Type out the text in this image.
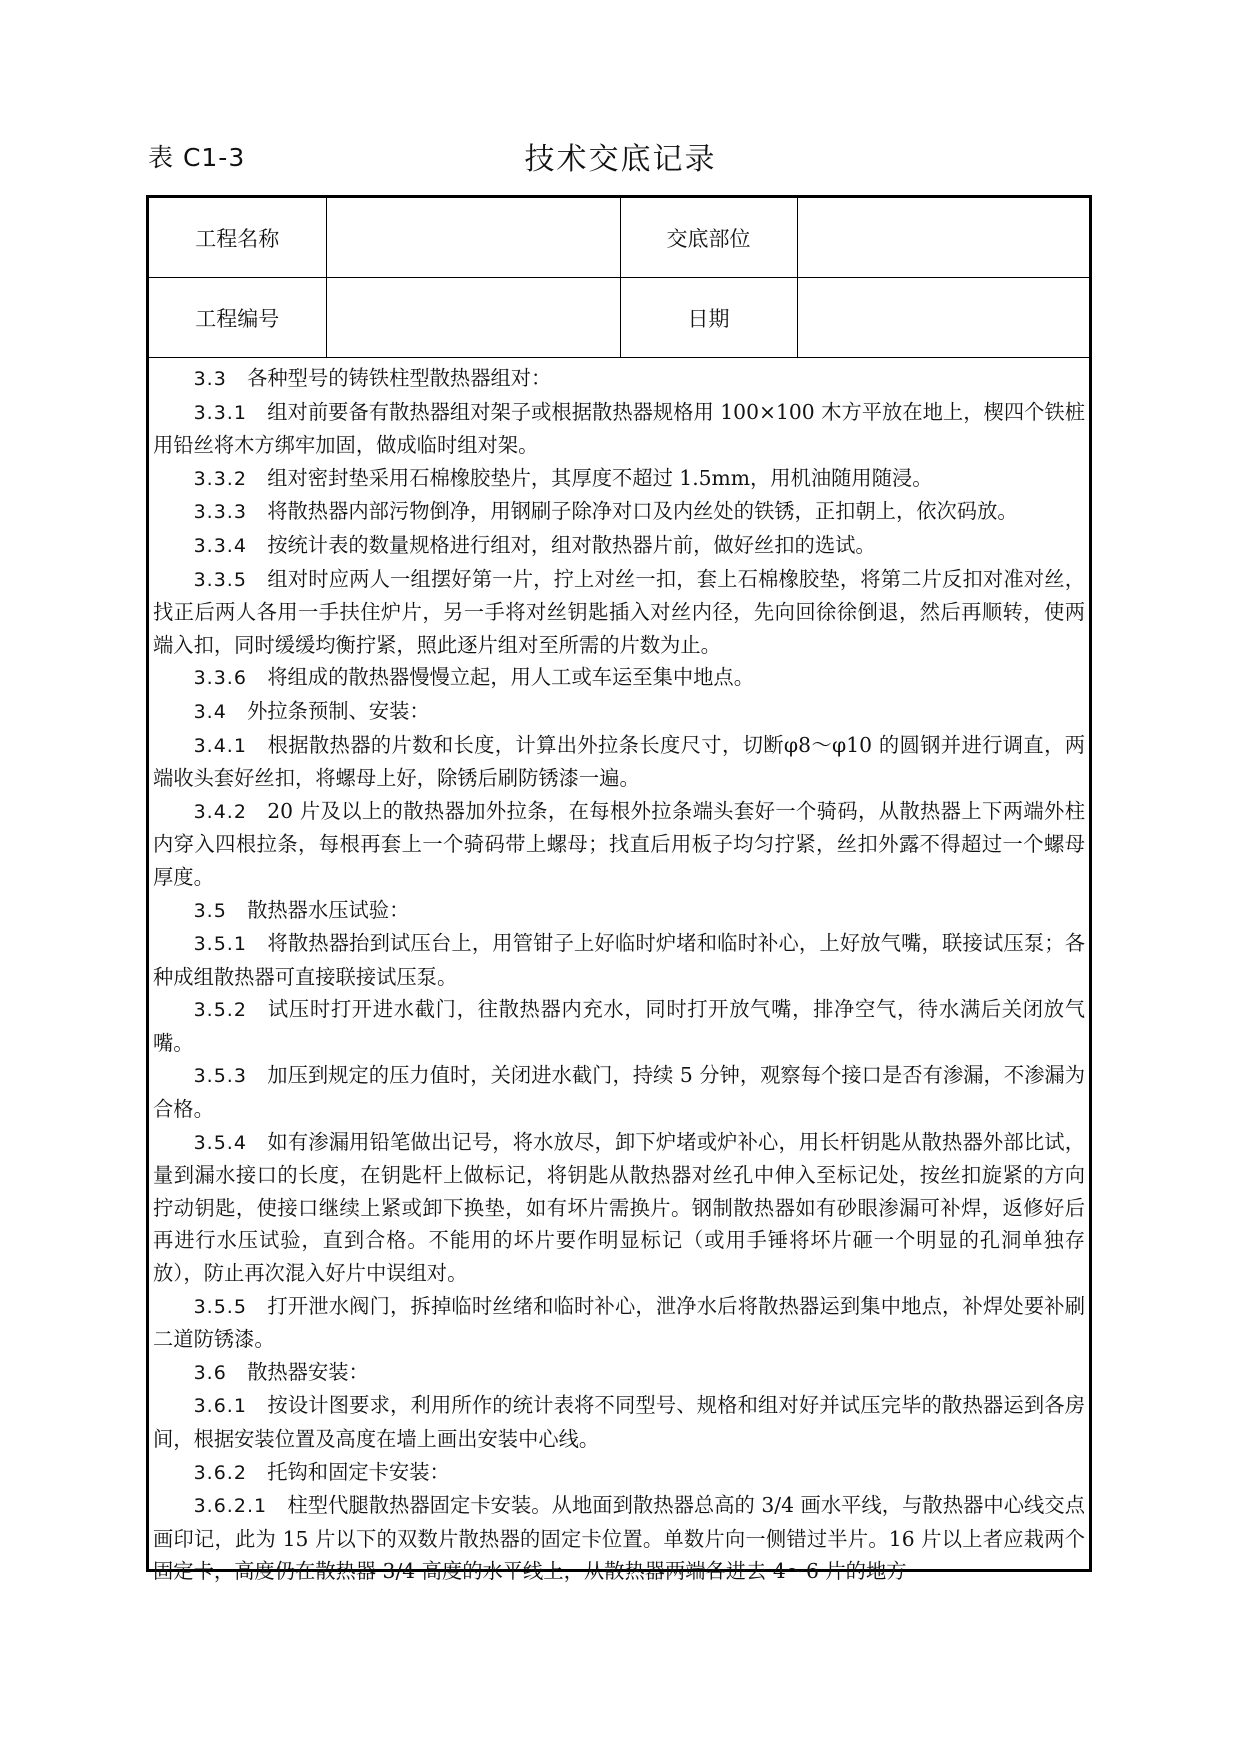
表 C1-3	技术交底记录
工程名称		交底部位	
工程编号		日期	

3.3  各种型号的铸铁柱型散热器组对：

3.3.1  组对前要备有散热器组对架子或根据散热器规格用 100×100 木方平放在地上，楔四个铁桩用铅丝将木方绑牢加固，做成临时组对架。

3.3.2  组对密封垫采用石棉橡胶垫片，其厚度不超过 1.5mm，用机油随用随浸。

3.3.3  将散热器内部污物倒净，用钢刷子除净对口及内丝处的铁锈，正扣朝上，依次码放。

3.3.4  按统计表的数量规格进行组对，组对散热器片前，做好丝扣的选试。

3.3.5  组对时应两人一组摆好第一片，拧上对丝一扣，套上石棉橡胶垫，将第二片反扣对准对丝，找正后两人各用一手扶住炉片，另一手将对丝钥匙插入对丝内径，先向回徐徐倒退，然后再顺转，使两端入扣，同时缓缓均衡拧紧，照此逐片组对至所需的片数为止。

3.3.6  将组成的散热器慢慢立起，用人工或车运至集中地点。

3.4  外拉条预制、安装：

3.4.1  根据散热器的片数和长度，计算出外拉条长度尺寸，切断φ8～φ10 的圆钢并进行调直，两端收头套好丝扣，将螺母上好，除锈后刷防锈漆一遍。

3.4.2  20 片及以上的散热器加外拉条，在每根外拉条端头套好一个骑码，从散热器上下两端外柱内穿入四根拉条，每根再套上一个骑码带上螺母；找直后用板子均匀拧紧，丝扣外露不得超过一个螺母厚度。

3.5  散热器水压试验：

3.5.1  将散热器抬到试压台上，用管钳子上好临时炉堵和临时补心，上好放气嘴，联接试压泵；各种成组散热器可直接联接试压泵。

3.5.2  试压时打开进水截门，往散热器内充水，同时打开放气嘴，排净空气，待水满后关闭放气嘴。

3.5.3  加压到规定的压力值时，关闭进水截门，持续 5 分钟，观察每个接口是否有渗漏，不渗漏为合格。

3.5.4  如有渗漏用铅笔做出记号，将水放尽，卸下炉堵或炉补心，用长杆钥匙从散热器外部比试，量到漏水接口的长度，在钥匙杆上做标记，将钥匙从散热器对丝孔中伸入至标记处，按丝扣旋紧的方向拧动钥匙，使接口继续上紧或卸下换垫，如有坏片需换片。钢制散热器如有砂眼渗漏可补焊，返修好后再进行水压试验，直到合格。不能用的坏片要作明显标记（或用手锤将坏片砸一个明显的孔洞单独存放），防止再次混入好片中误组对。

3.5.5  打开泄水阀门，拆掉临时丝绪和临时补心，泄净水后将散热器运到集中地点，补焊处要补刷二道防锈漆。

3.6  散热器安装：

3.6.1  按设计图要求，利用所作的统计表将不同型号、规格和组对好并试压完毕的散热器运到各房间，根据安装位置及高度在墙上画出安装中心线。

3.6.2  托钩和固定卡安装：

3.6.2.1  柱型代腿散热器固定卡安装。从地面到散热器总高的 3/4 画水平线，与散热器中心线交点画印记，此为 15 片以下的双数片散热器的固定卡位置。单数片向一侧错过半片。16 片以上者应栽两个固定卡，高度仍在散热器 3/4 高度的水平线上，从散热器两端各进去 4～6 片的地方
